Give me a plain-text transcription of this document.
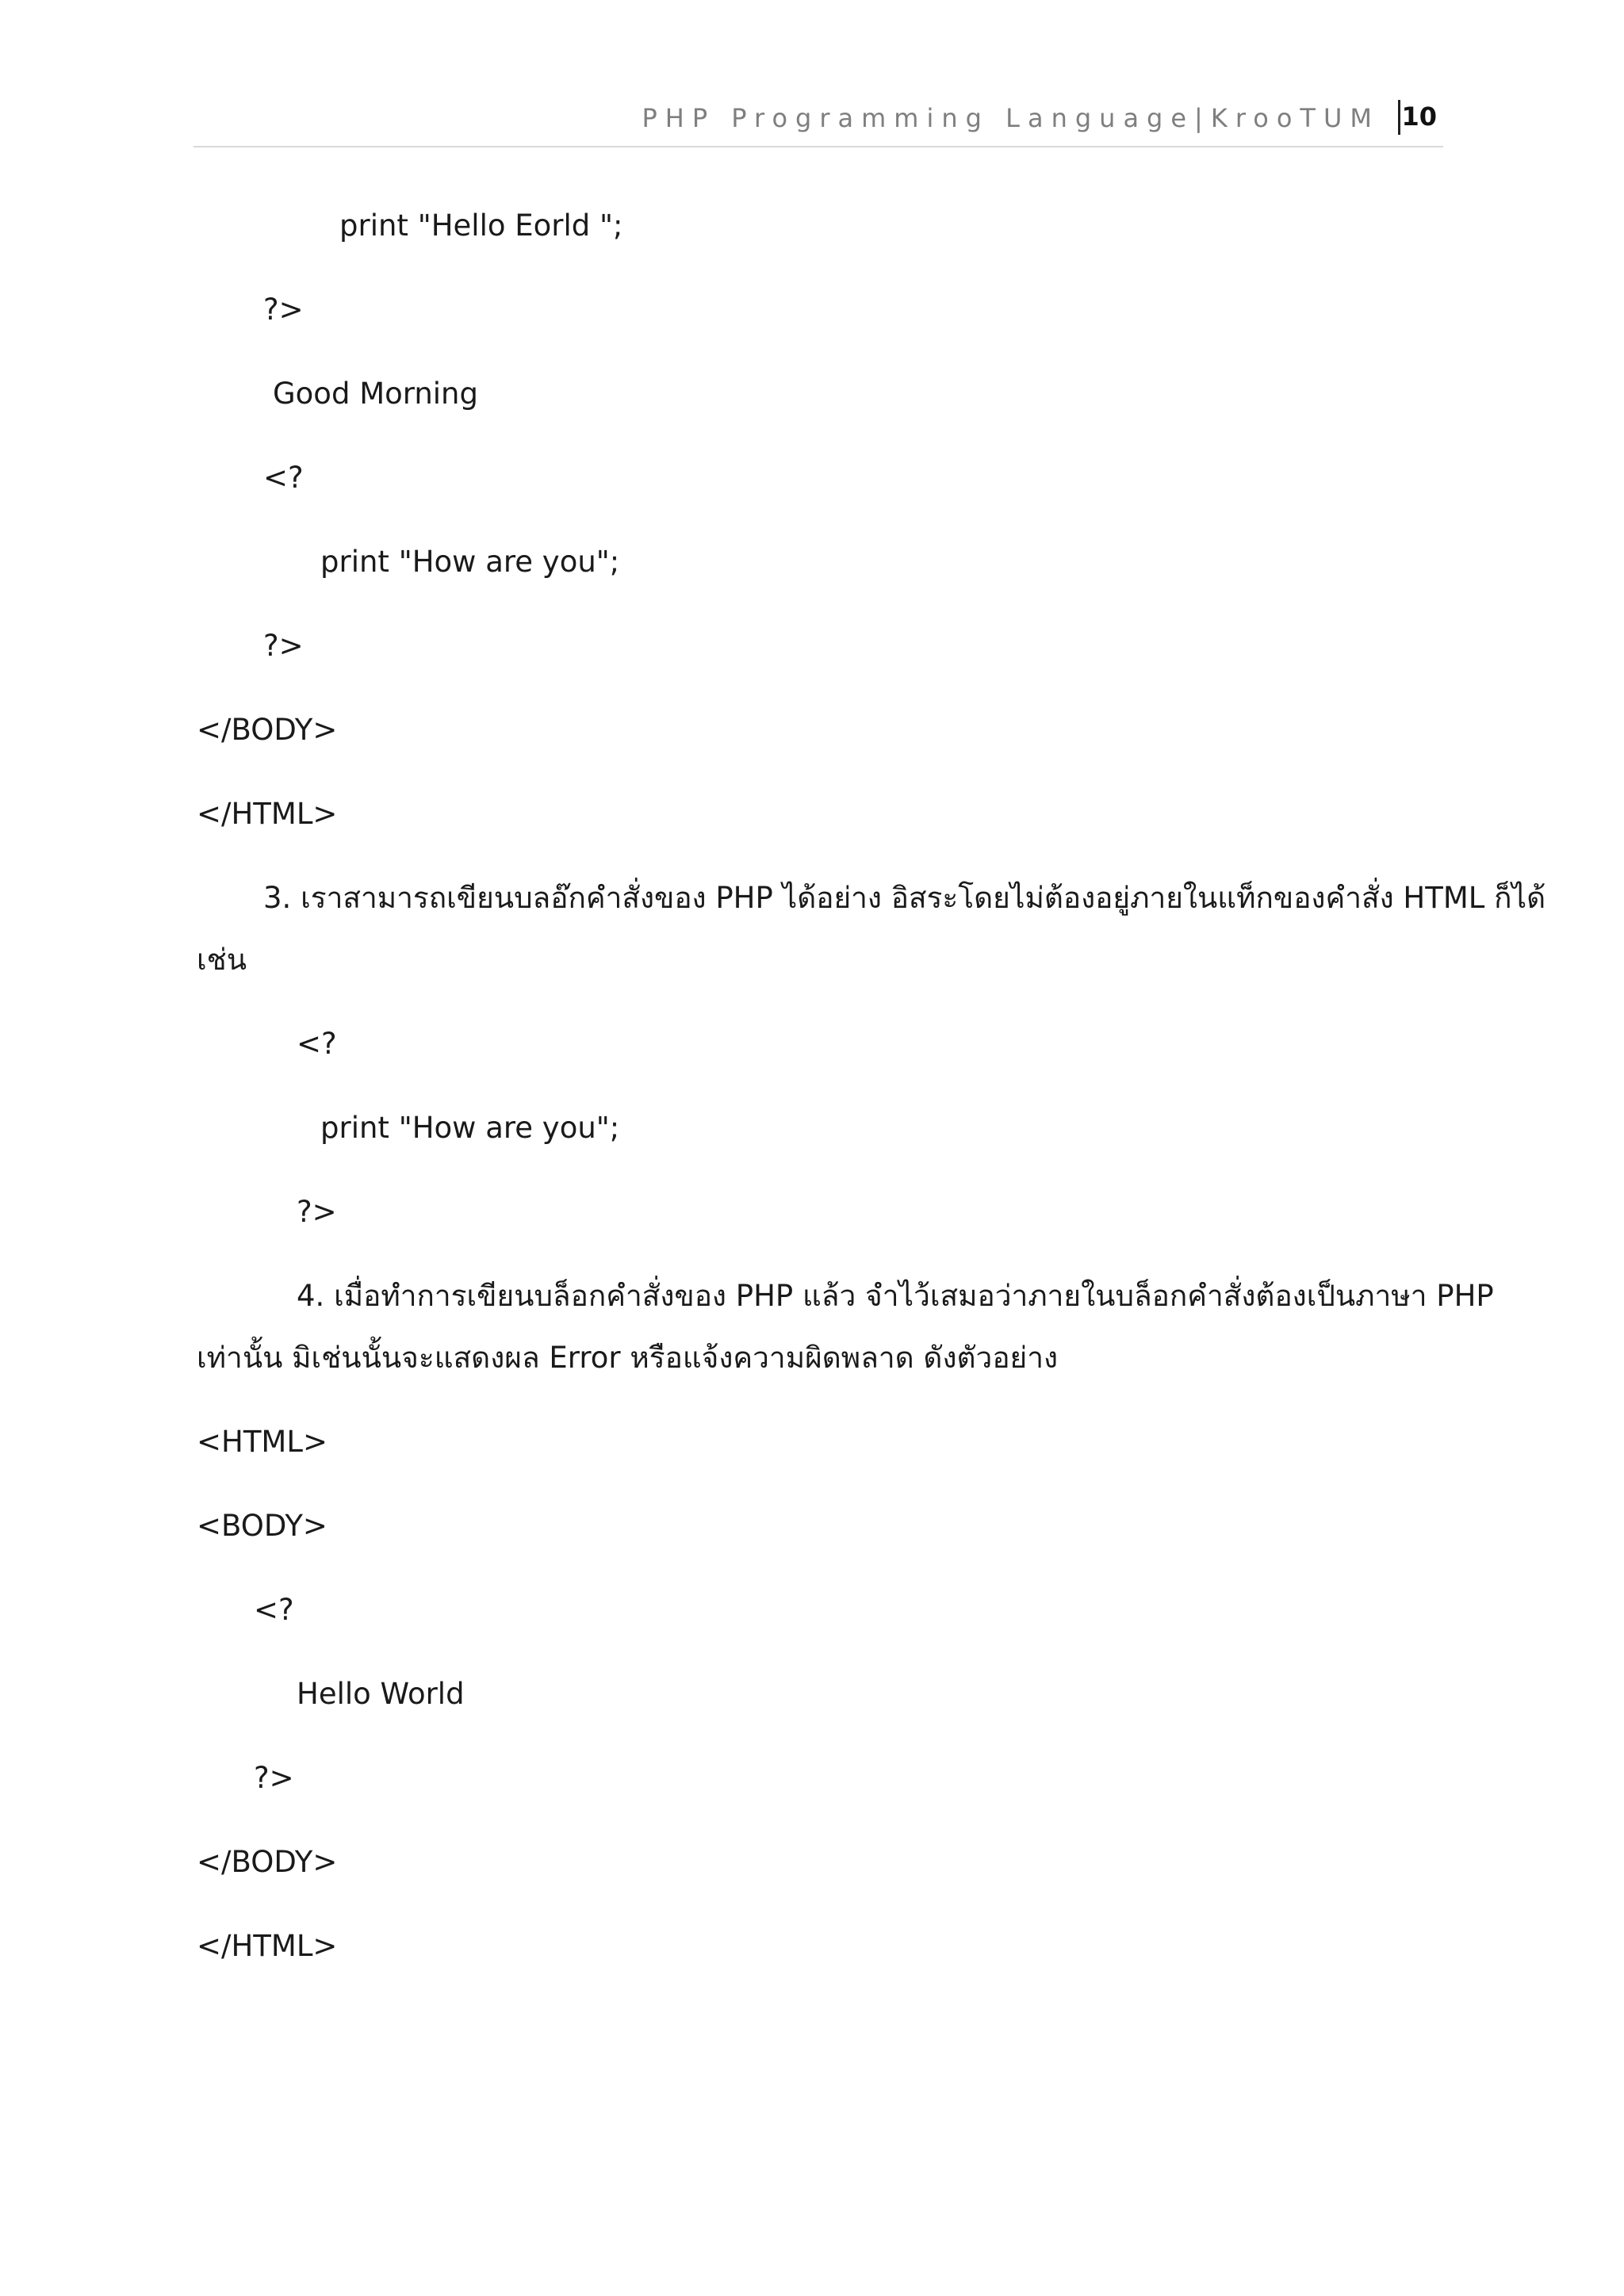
PHP Programming Language|KrooTUM 10
print "Hello Eorld ";
?>
Good Morning
<?
print "How are you";
?>
</BODY>
</HTML>
3. เราสามารถเขียนบลอ๊กคำสั่งของ PHP ได้อย่าง อิสระโดยไม่ต้องอยู่ภายในแท็กของคำสั่ง HTML ก็ได้
เช่น
<?
print "How are you";
?>
4. เมื่อทำการเขียนบล็อกคำสั่งของ PHP แล้ว จำไว้เสมอว่าภายในบล็อกคำสั่งต้องเป็นภาษา PHP
เท่านั้น มิเช่นนั้นจะแสดงผล Error หรือแจ้งความผิดพลาด ดังตัวอย่าง
<HTML>
<BODY>
<?
Hello World
?>
</BODY>
</HTML>
